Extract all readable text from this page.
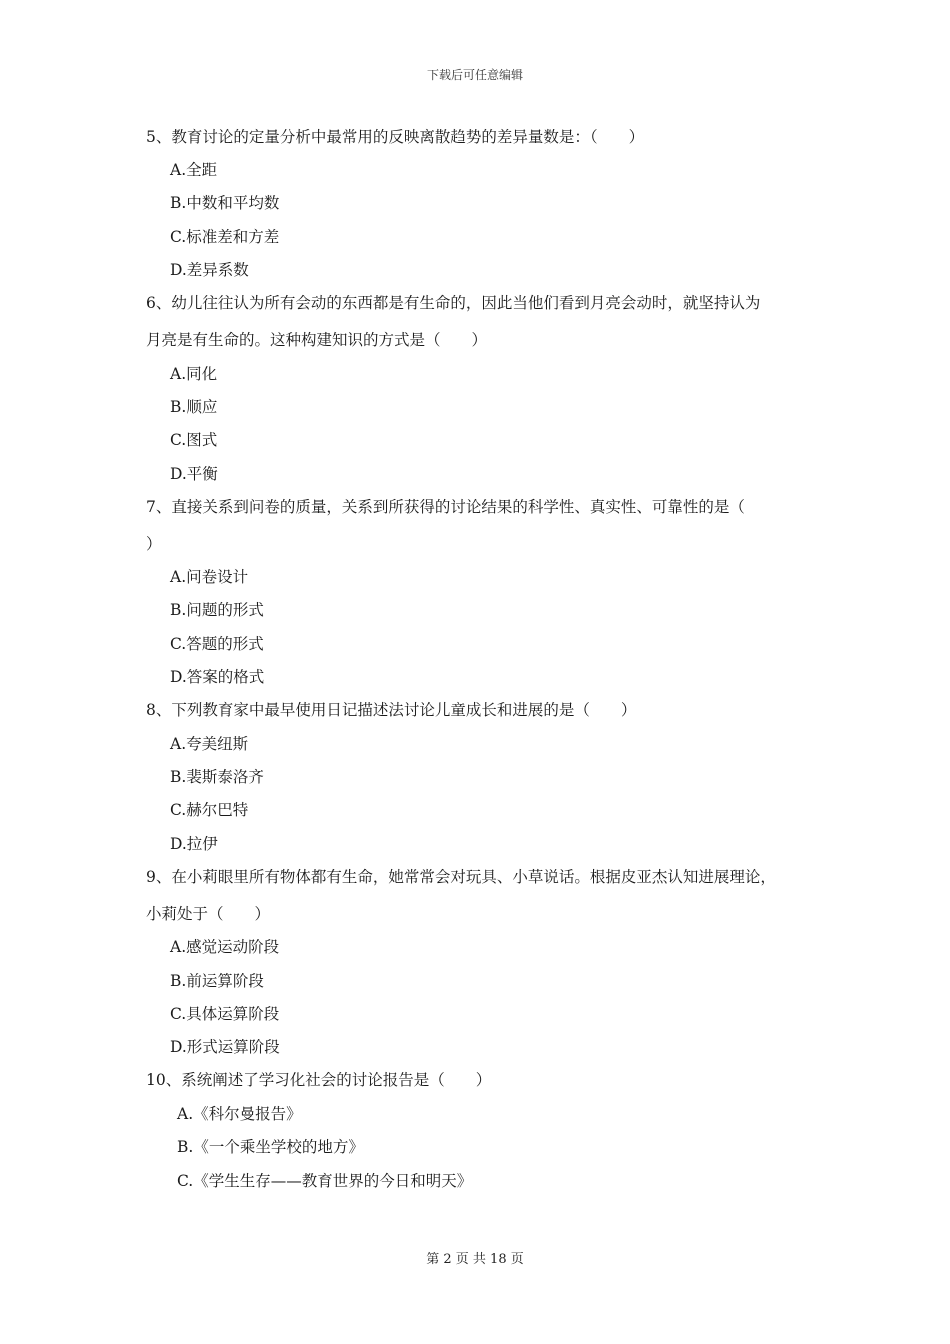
下载后可任意编辑
5、教育讨论的定量分析中最常用的反映离散趋势的差异量数是：（　　）
A.全距
B.中数和平均数
C.标准差和方差
D.差异系数
6、幼儿往往认为所有会动的东西都是有生命的，因此当他们看到月亮会动时，就坚持认为
月亮是有生命的。这种构建知识的方式是（　　）
A.同化
B.顺应
C.图式
D.平衡
7、直接关系到问卷的质量，关系到所获得的讨论结果的科学性、真实性、可靠性的是（
）
A.问卷设计
B.问题的形式
C.答题的形式
D.答案的格式
8、下列教育家中最早使用日记描述法讨论儿童成长和进展的是（　　）
A.夸美纽斯
B.裴斯泰洛齐
C.赫尔巴特
D.拉伊
9、在小莉眼里所有物体都有生命，她常常会对玩具、小草说话。根据皮亚杰认知进展理论，
小莉处于（　　）
A.感觉运动阶段
B.前运算阶段
C.具体运算阶段
D.形式运算阶段
10、系统阐述了学习化社会的讨论报告是（　　）
A.《科尔曼报告》
B.《一个乘坐学校的地方》
C.《学生生存——教育世界的今日和明天》
第 2 页 共 18 页
